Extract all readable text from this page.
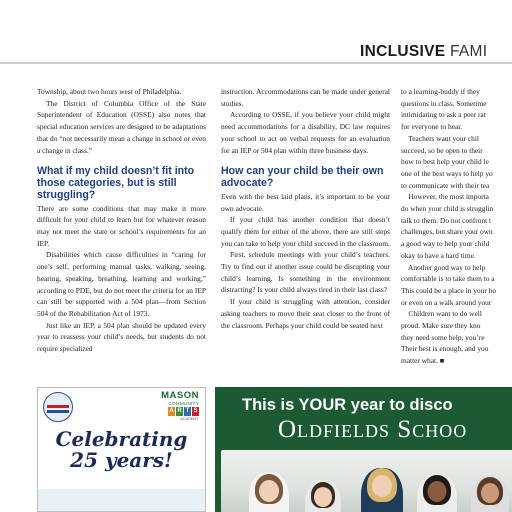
INCLUSIVE FAMI

Township, about two hours west of Philadelphia.

The District of Columbia Office of the State Superintendent of Education (OSSE) also notes that special education services are designed to be adaptations that do “not necessarily mean a change in school or even a change in class.”

What if my child doesn’t fit into those categories, but is still struggling?

There are some conditions that may make it more difficult for your child to learn but for whatever reason may not meet the state or school’s requirements for an IEP.

Disabilities which cause difficulties in “caring for one’s self, performing manual tasks, walking, seeing, hearing, speaking, breathing, learning and working,” according to PDE, but do not meet the criteria for an IEP can still be supported with a 504 plan—from Section 504 of the Rehabilitation Act of 1973.

Just like an IEP, a 504 plan should be updated every year to reassess your child’s needs, but students do not require specialized

instruction. Accommodations can be made under general studies.

According to OSSE, if you believe your child might need accommodations for a disability, DC law requires your school to act on verbal requests for an evaluation for an IEP or 504 plan within three business days.

How can your child be their own advocate?

Even with the best laid plans, it’s important to be your own advocate.

If your child has another condition that doesn’t qualify them for either of the above, there are still steps you can take to help your child succeed in the classroom.

First, schedule meetings with your child’s teachers. Try to find out if another issue could be disrupting your child’s learning. Is something in the environment distracting? Is your child always tired in their last class?

If your child is struggling with attention, consider asking teachers to move their seat closer to the front of the classroom. Perhaps your child could be seated next

to a learning-buddy if they
questions in class. Sometime
intimidating to ask a peer rat
for everyone to hear.
Teachers want your chil
succeed, so be open to their
how to best help your child le
one of the best ways to help yo
to communicate with their tea
However, the most importa
do when your child is strugglin
talk to them. Do not confront t
challenges, but share your own
a good way to help your child
okay to have a hard time.
Another good way to help
comfortable is to take them to a
This could be a place in your ho
or even on a walk around your
Children want to do well
proud. Make sure they kno
they need some help, you’re
Their best is enough, and you
matter what. ■
MASON
COMMUNITY
A R T S
ACADEMY
Celebrating
25 years!
This is YOUR year to disco
Oldfields Schoo
